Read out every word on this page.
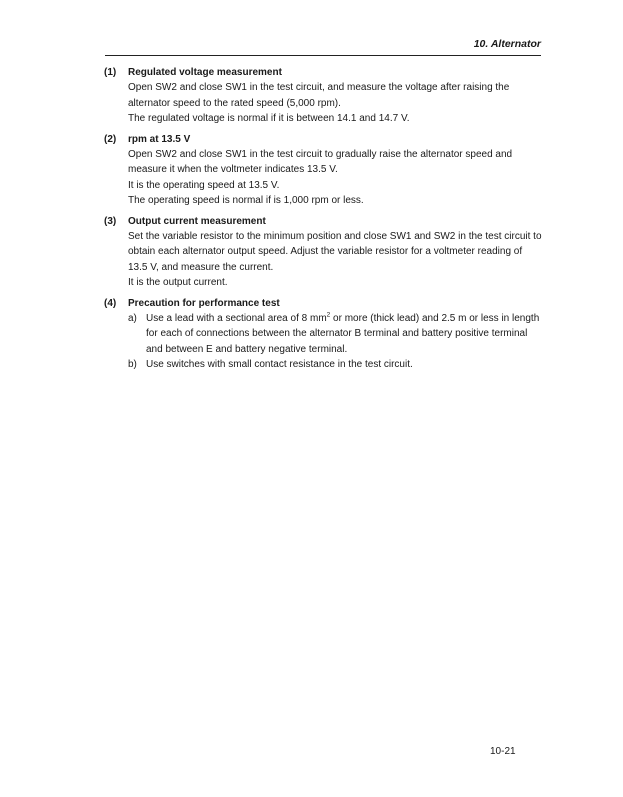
10. Alternator
(1) Regulated voltage measurement

Open SW2 and close SW1 in the test circuit, and measure the voltage after raising the alternator speed to the rated speed (5,000 rpm).

The regulated voltage is normal if it is between 14.1 and 14.7 V.

(2) rpm at 13.5 V

Open SW2 and close SW1 in the test circuit to gradually raise the alternator speed and measure it when the voltmeter indicates 13.5 V.

It is the operating speed at 13.5 V.

The operating speed is normal if is 1,000 rpm or less.

(3) Output current measurement

Set the variable resistor to the minimum position and close SW1 and SW2 in the test circuit to obtain each alternator output speed. Adjust the variable resistor for a voltmeter reading of 13.5 V, and measure the current.

It is the output current.

(4) Precaution for performance test
a) Use a lead with a sectional area of 8 $mm^2$ or more (thick lead) and 2.5 m or less in length for each of connections between the alternator B terminal and battery positive terminal and between E and battery negative terminal.

b) Use switches with small contact resistance in the test circuit.

10-21
